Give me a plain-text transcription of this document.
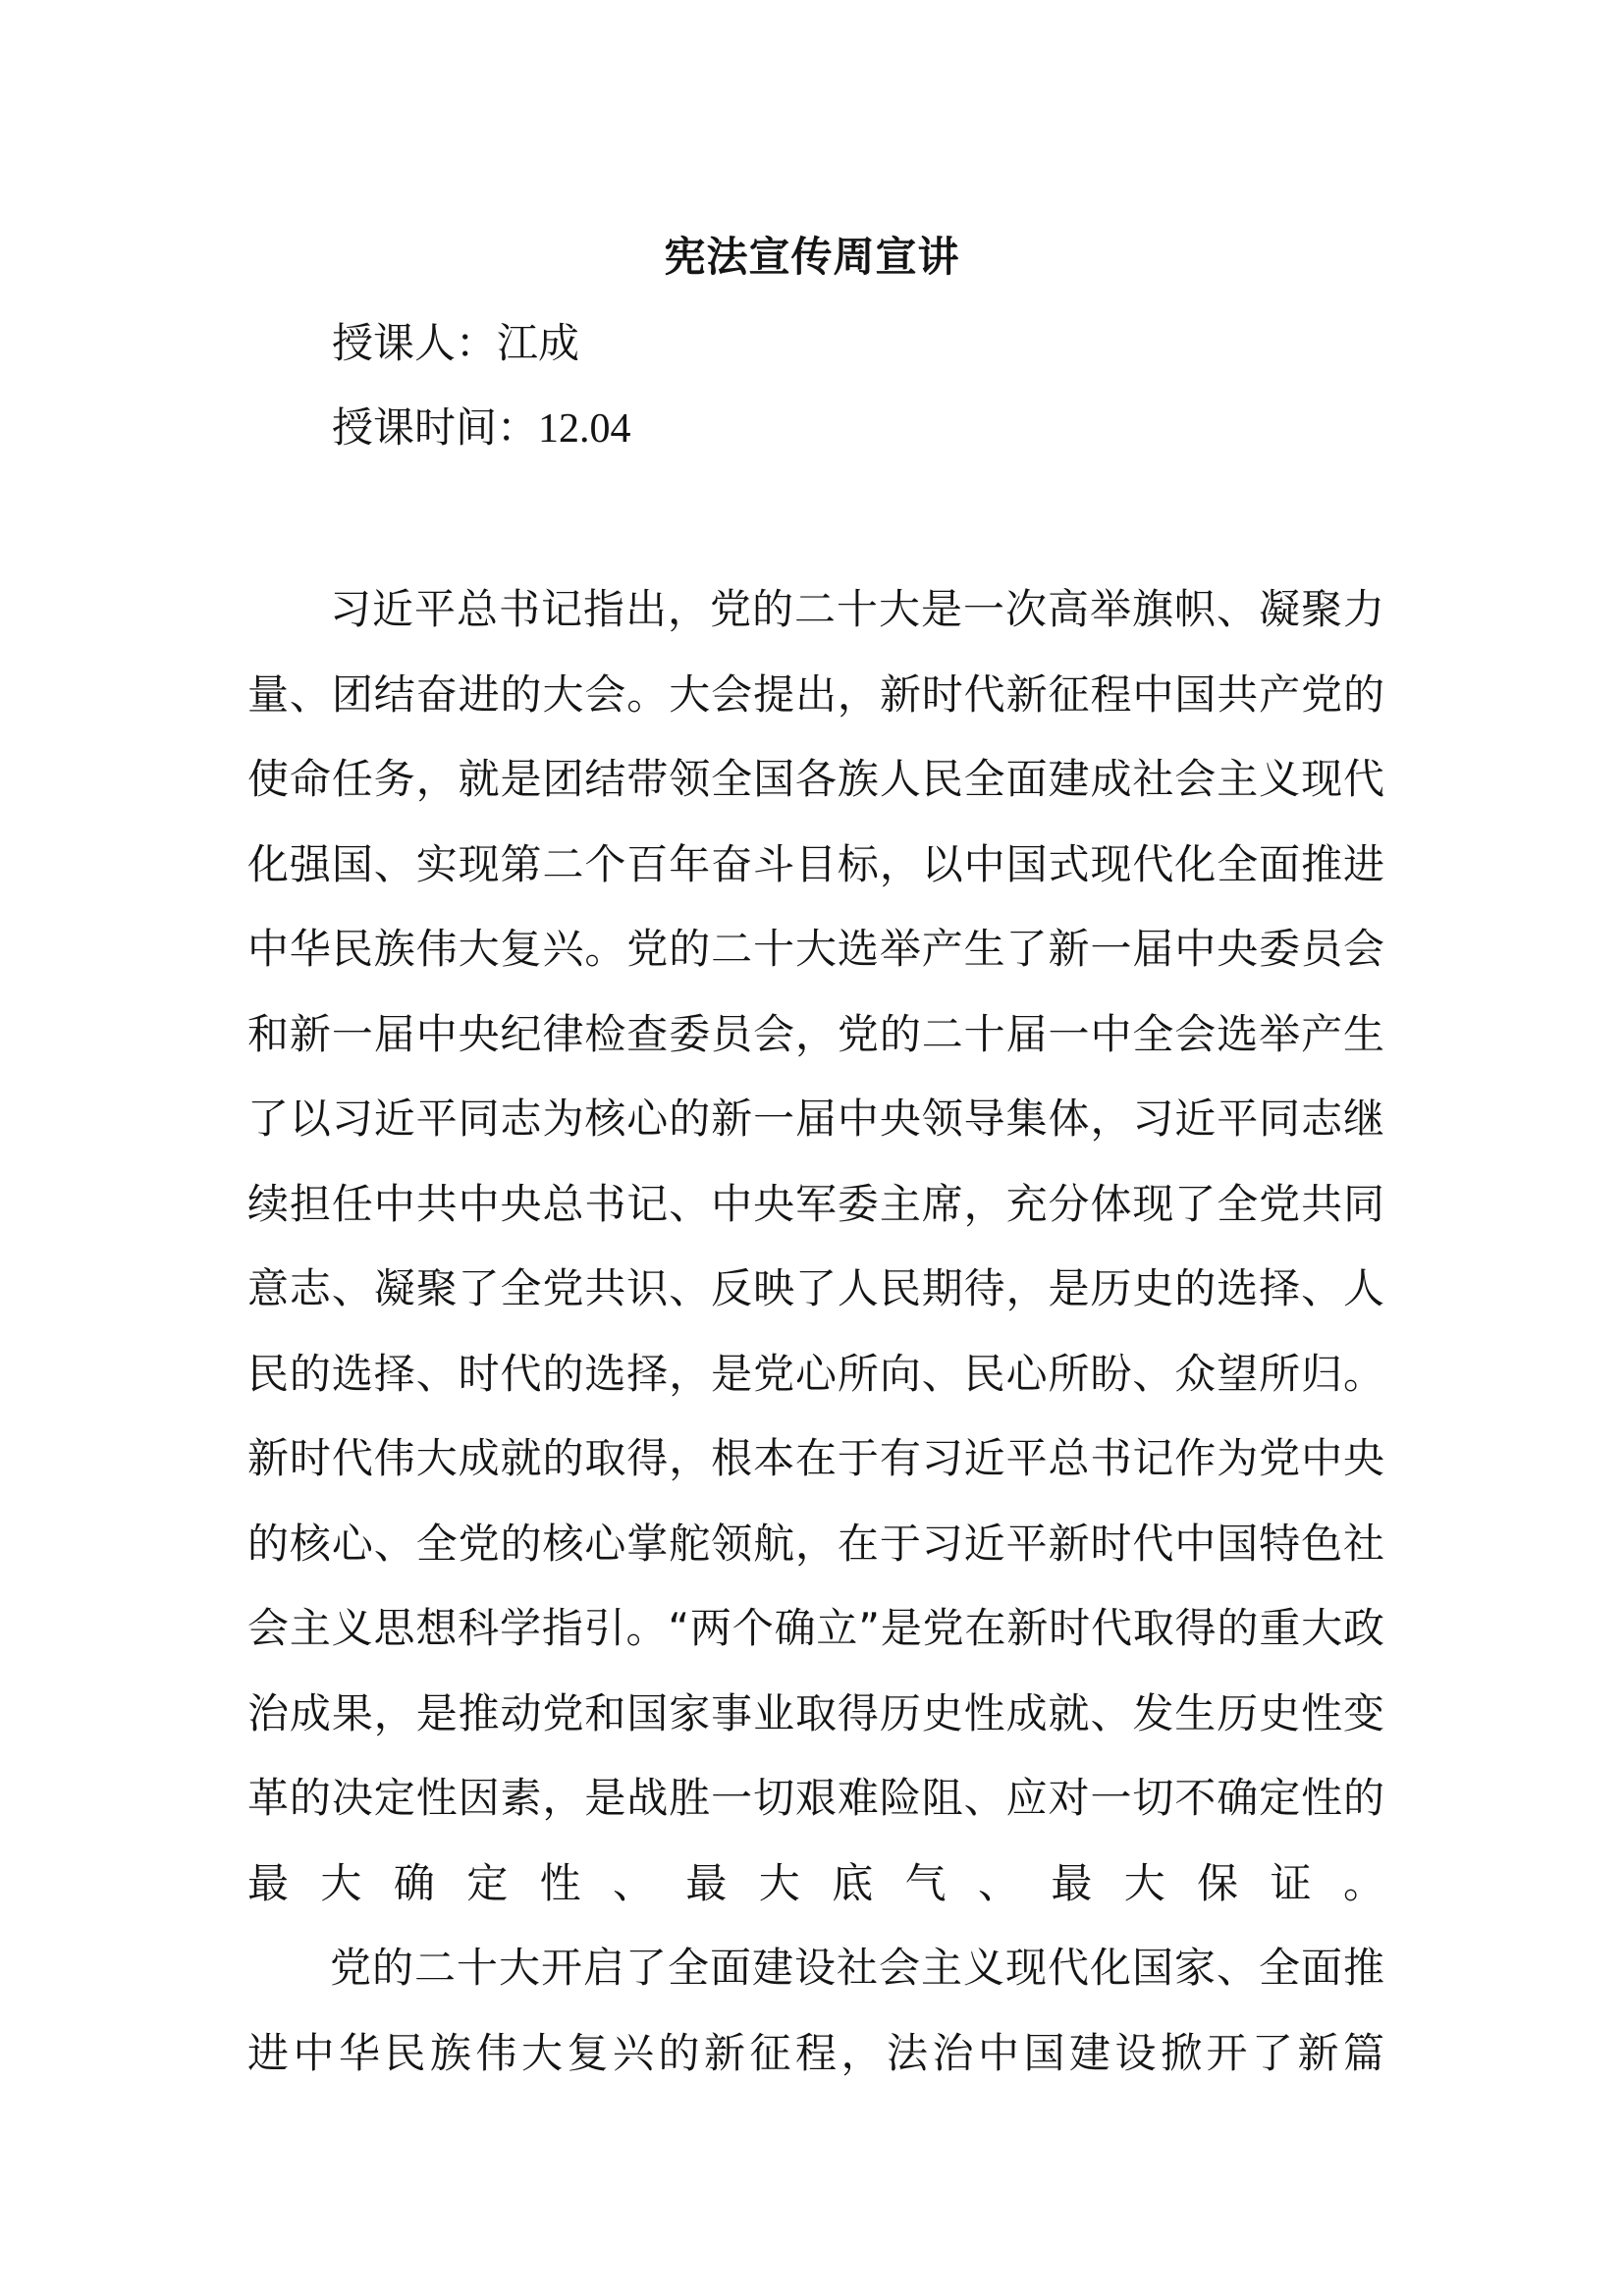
宪法宣传周宣讲
授课人：江成
授课时间：12.04

习近平总书记指出，党的二十大是一次高举旗帜、凝聚力量、团结奋进的大会。大会提出，新时代新征程中国共产党的使命任务，就是团结带领全国各族人民全面建成社会主义现代化强国、实现第二个百年奋斗目标，以中国式现代化全面推进中华民族伟大复兴。党的二十大选举产生了新一届中央委员会和新一届中央纪律检查委员会，党的二十届一中全会选举产生了以习近平同志为核心的新一届中央领导集体，习近平同志继续担任中共中央总书记、中央军委主席，充分体现了全党共同意志、凝聚了全党共识、反映了人民期待，是历史的选择、人民的选择、时代的选择，是党心所向、民心所盼、众望所归。新时代伟大成就的取得，根本在于有习近平总书记作为党中央的核心、全党的核心掌舵领航，在于习近平新时代中国特色社会主义思想科学指引。“两个确立”是党在新时代取得的重大政治成果，是推动党和国家事业取得历史性成就、发生历史性变革的决定性因素，是战胜一切艰难险阻、应对一切不确定性的最大确定性、最大底气、最大保证。

党的二十大开启了全面建设社会主义现代化国家、全面推进中华民族伟大复兴的新征程，法治中国建设掀开了新篇
